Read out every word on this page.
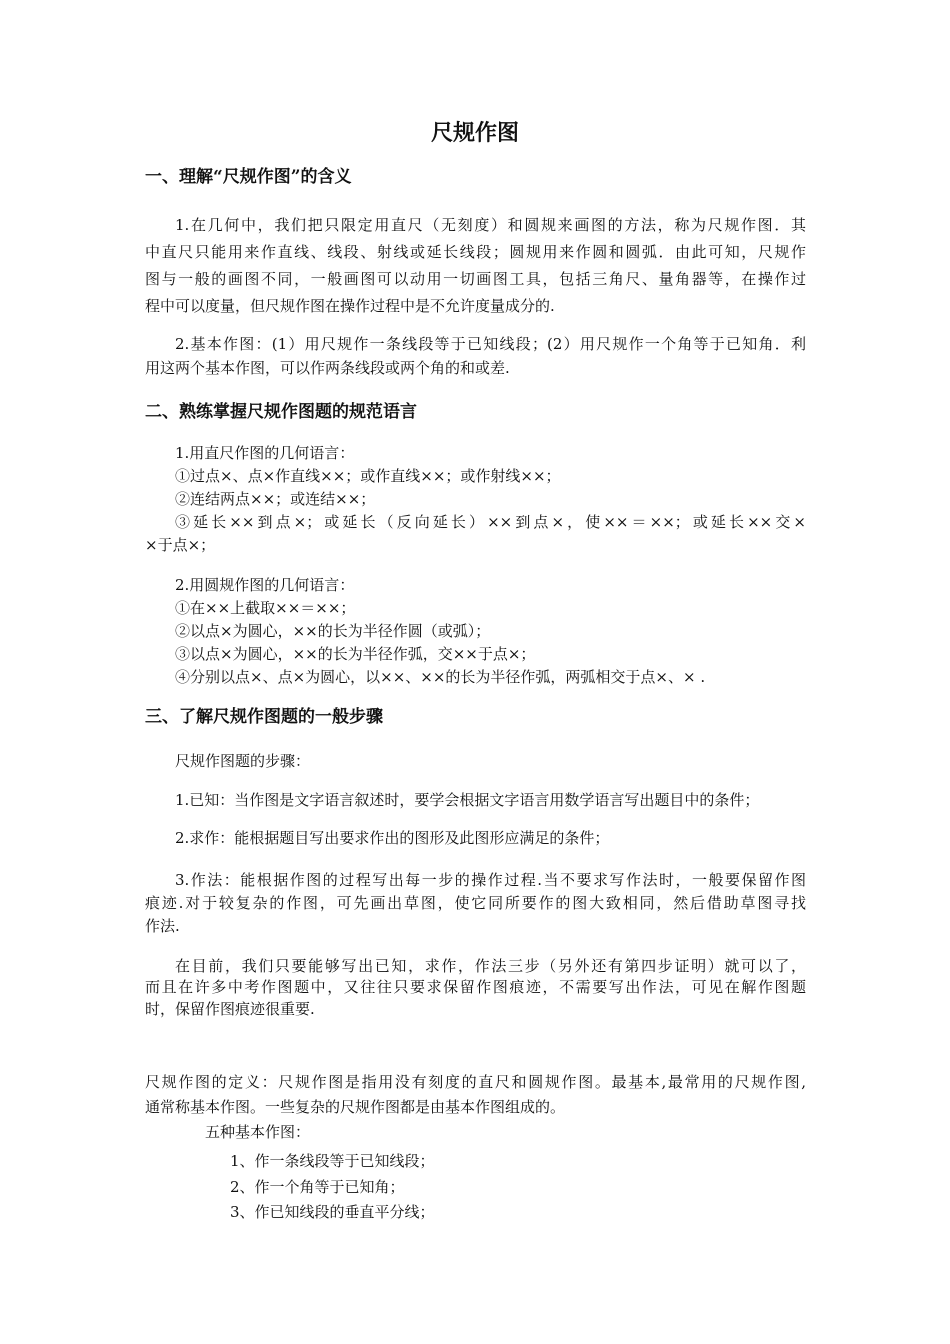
尺规作图
一、理解“尺规作图”的含义
1.在几何中，我们把只限定用直尺（无刻度）和圆规来画图的方法，称为尺规作图．其
中直尺只能用来作直线、线段、射线或延长线段；圆规用来作圆和圆弧．由此可知，尺规作
图与一般的画图不同，一般画图可以动用一切画图工具，包括三角尺、量角器等，在操作过
程中可以度量，但尺规作图在操作过程中是不允许度量成分的.
2.基本作图：(1）用尺规作一条线段等于已知线段；(2）用尺规作一个角等于已知角．利
用这两个基本作图，可以作两条线段或两个角的和或差.
二、熟练掌握尺规作图题的规范语言
1.用直尺作图的几何语言：
①过点×、点×作直线××；或作直线××；或作射线××；
②连结两点××；或连结××；
③延长××到点×；或延长（反向延长）××到点×，使××＝××；或延长××交×
×于点×；
2.用圆规作图的几何语言：
①在××上截取××＝××；
②以点×为圆心，××的长为半径作圆（或弧）；
③以点×为圆心，××的长为半径作弧，交××于点×；
④分别以点×、点×为圆心，以××、××的长为半径作弧，两弧相交于点×、× .
三、了解尺规作图题的一般步骤
尺规作图题的步骤：
1.已知：当作图是文字语言叙述时，要学会根据文字语言用数学语言写出题目中的条件；
2.求作：能根据题目写出要求作出的图形及此图形应满足的条件；
3.作法：能根据作图的过程写出每一步的操作过程.当不要求写作法时，一般要保留作图
痕迹.对于较复杂的作图，可先画出草图，使它同所要作的图大致相同，然后借助草图寻找
作法.
在目前，我们只要能够写出已知，求作，作法三步（另外还有第四步证明）就可以了，
而且在许多中考作图题中，又往往只要求保留作图痕迹，不需要写出作法，可见在解作图题
时，保留作图痕迹很重要.
尺规作图的定义：尺规作图是指用没有刻度的直尺和圆规作图。最基本,最常用的尺规作图,
通常称基本作图。一些复杂的尺规作图都是由基本作图组成的。
五种基本作图：
1、作一条线段等于已知线段；
2、作一个角等于已知角；
3、作已知线段的垂直平分线；
